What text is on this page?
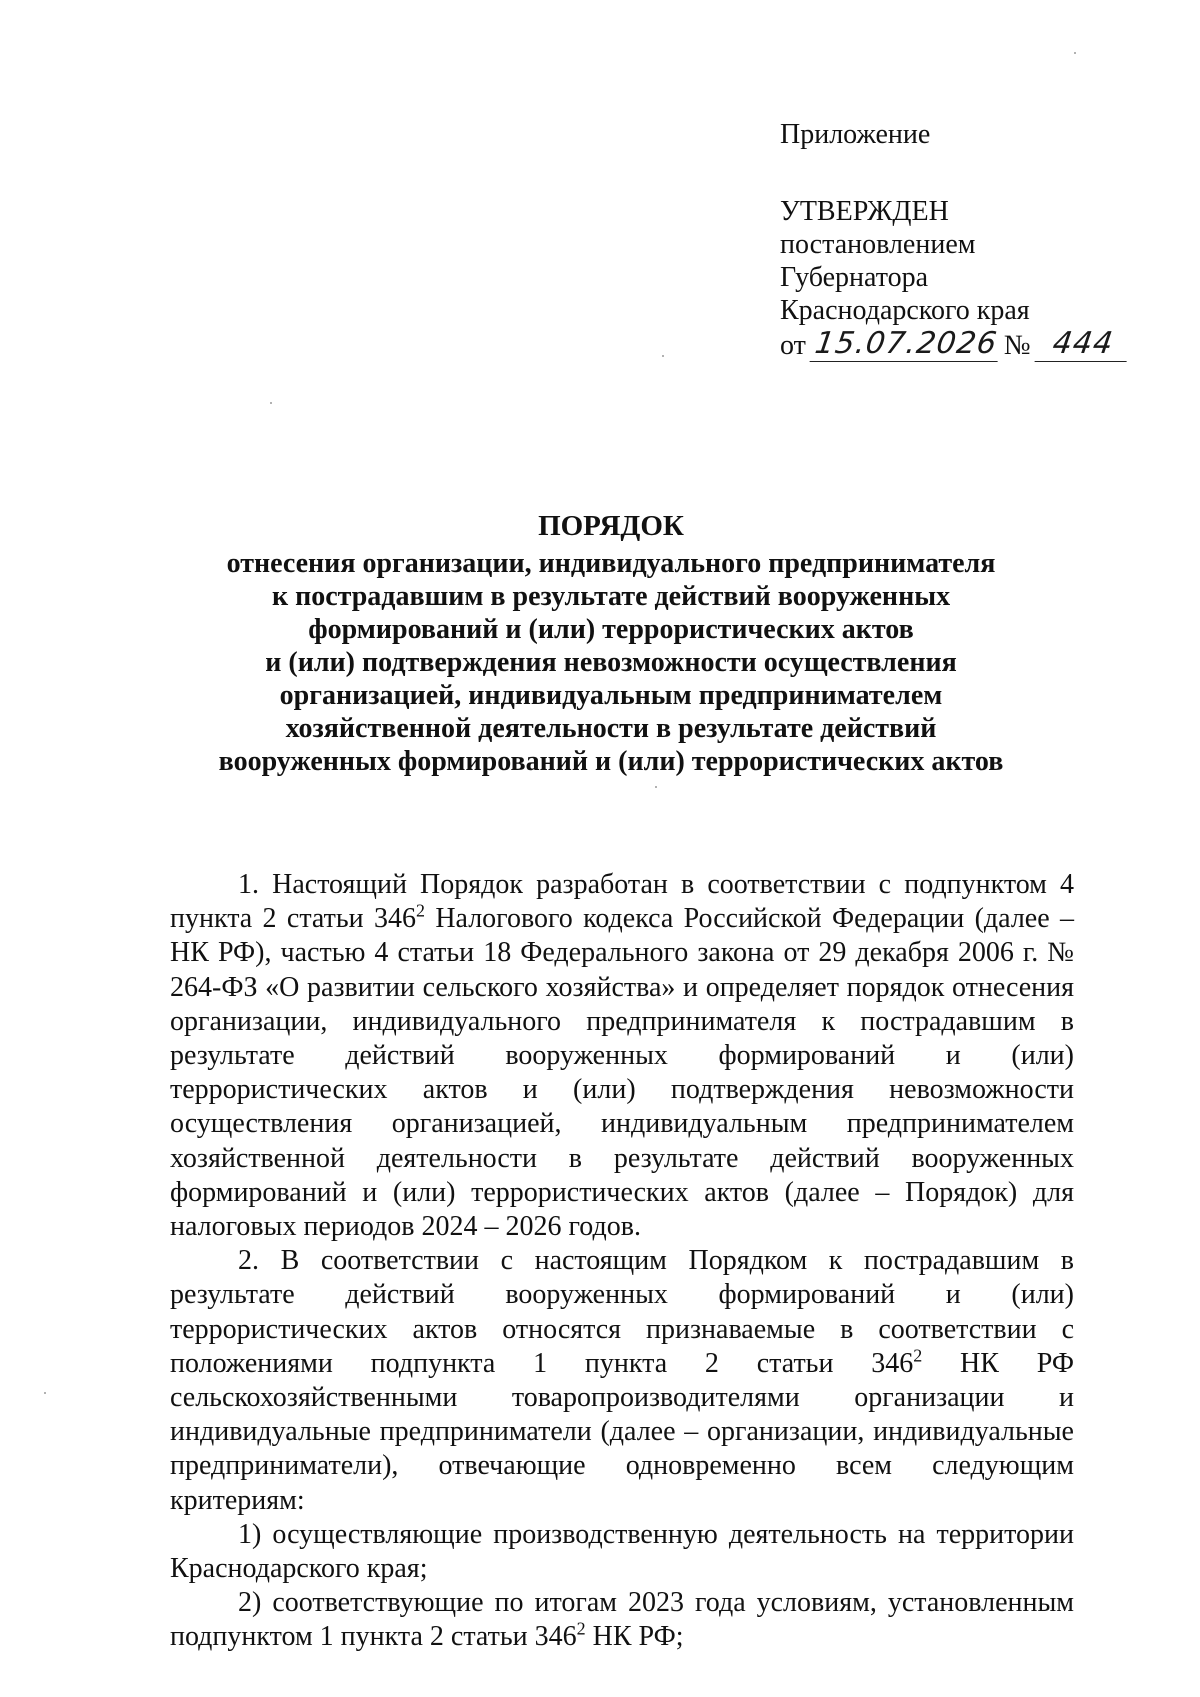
Приложение
УТВЕРЖДЕН
постановлением
Губернатора
Краснодарского края
от 15.07.2026 № 444
ПОРЯДОК
отнесения организации, индивидуального предпринимателя
к пострадавшим в результате действий вооруженных
формирований и (или) террористических актов
и (или) подтверждения невозможности осуществления
организацией, индивидуальным предпринимателем
хозяйственной деятельности в результате действий
вооруженных формирований и (или) террористических актов

1. Настоящий Порядок разработан в соответствии с подпунктом 4 пункта 2 статьи $346^2$ Налогового кодекса Российской Федерации (далее – НК РФ), частью 4 статьи 18 Федерального закона от 29 декабря 2006 г. № 264-ФЗ «О развитии сельского хозяйства» и определяет порядок отнесения организации, индивидуального предпринимателя к пострадавшим в результате действий вооруженных формирований и (или) террористических актов и (или) подтверждения невозможности осуществления организацией, индивидуальным предпринимателем хозяйственной деятельности в результате действий вооруженных формирований и (или) террористических актов (далее – Порядок) для налоговых периодов 2024 – 2026 годов.

2. В соответствии с настоящим Порядком к пострадавшим в результате действий вооруженных формирований и (или) террористических актов относятся признаваемые в соответствии с положениями подпункта 1 пункта 2 статьи $346^2$ НК РФ сельскохозяйственными товаропроизводителями организации и индивидуальные предприниматели (далее – организации, индивидуальные предприниматели), отвечающие одновременно всем следующим критериям:

1) осуществляющие производственную деятельность на территории Краснодарского края;

2) соответствующие по итогам 2023 года условиям, установленным подпунктом 1 пункта 2 статьи $346^2$ НК РФ;
